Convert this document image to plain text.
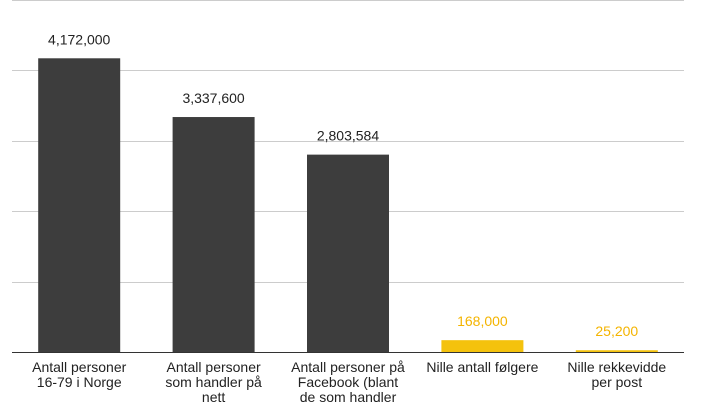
4,172,000
3,337,600
2,803,584
168,000
25,200
Antall personer 16-79 i Norge
Antall personer som handler på nett
Antall personer på Facebook (blant de som handler
Nille antall følgere Nille rekkevidde per post
